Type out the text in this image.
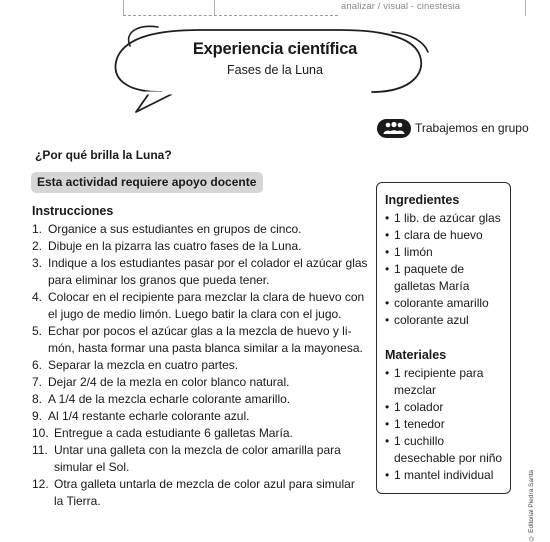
analizar / visual - cinestesia
Experiencia científica
Fases de la Luna
Trabajemos en grupo
¿Por qué brilla la Luna?
Esta actividad requiere apoyo docente
Instrucciones
1. Organice a sus estudiantes en grupos de cinco.
2. Dibuje en la pizarra las cuatro fases de la Luna.
3. Indique a los estudiantes pasar por el colador el azúcar glas
para eliminar los granos que pueda tener.
4. Colocar en el recipiente para mezclar la clara de huevo con
el jugo de medio limón. Luego batir la clara con el jugo.
5. Echar por pocos el azúcar glas a la mezcla de huevo y li-
món, hasta formar una pasta blanca similar a la mayonesa.
6. Separar la mezcla en cuatro partes.
7. Dejar 2/4 de la mezla en color blanco natural.
8. A 1/4 de la mezcla echarle colorante amarillo.
9. Al 1/4 restante echarle colorante azul.
10. Entregue a cada estudiante 6 galletas María.
11. Untar una galleta con la mezcla de color amarilla para
simular el Sol.
12. Otra galleta untarla de mezcla de color azul para simular
la Tierra.
Ingredientes
• 1 lib. de azúcar glas
• 1 clara de huevo
• 1 limón
• 1 paquete de
galletas María
• colorante amarillo
• colorante azul
Materiales
• 1 recipiente para
mezclar
• 1 colador
• 1 tenedor
• 1 cuchillo
desechable por niño
• 1 mantel individual	© Editorial Piedra Santa
